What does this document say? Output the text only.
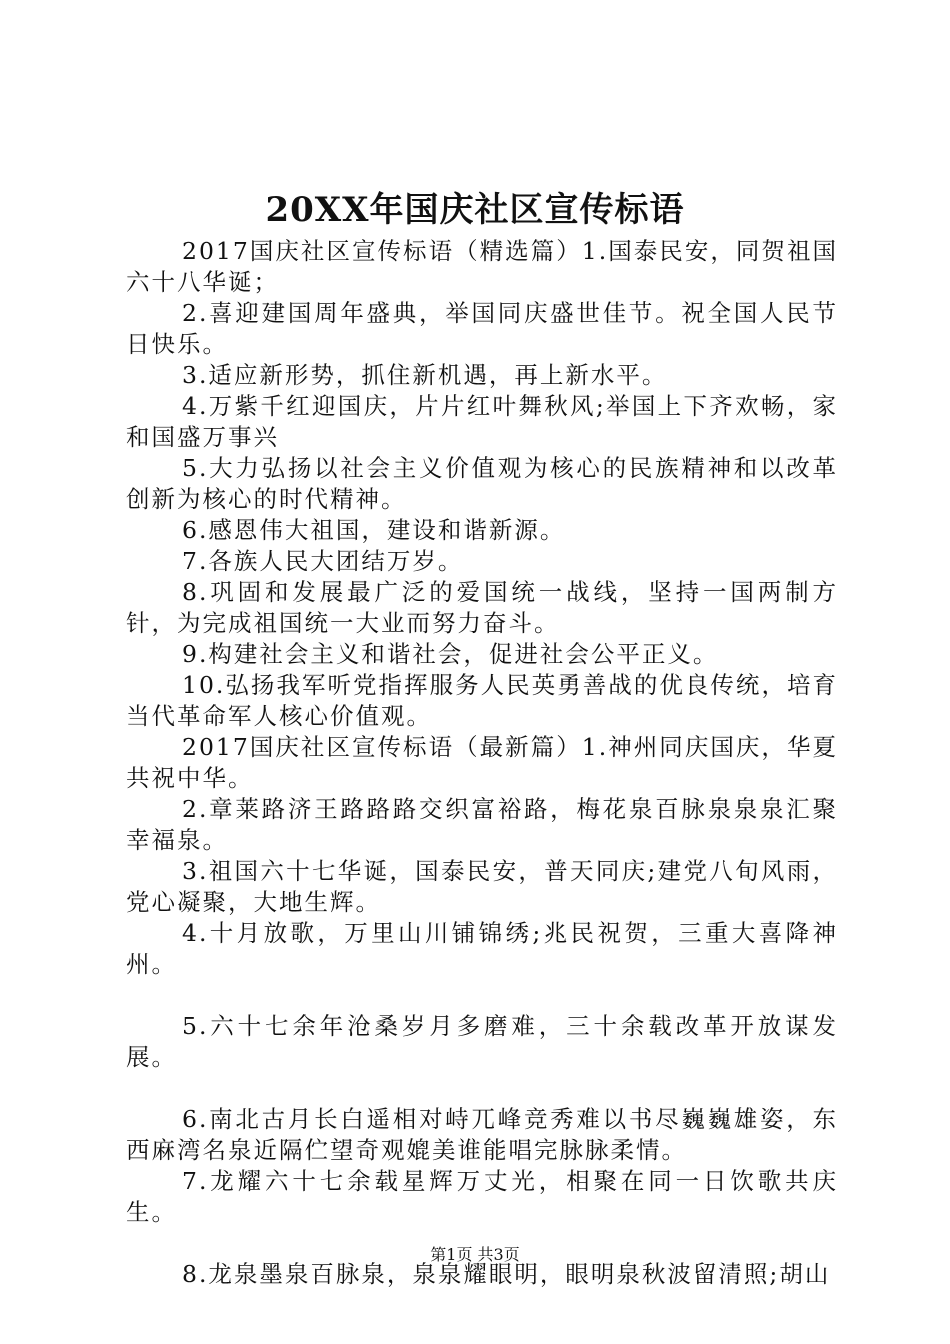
20XX年国庆社区宣传标语

2017国庆社区宣传标语（精选篇）1.国泰民安，同贺祖国六十八华诞；

2.喜迎建国周年盛典，举国同庆盛世佳节。祝全国人民节日快乐。

3.适应新形势，抓住新机遇，再上新水平。

4.万紫千红迎国庆，片片红叶舞秋风;举国上下齐欢畅，家和国盛万事兴

5.大力弘扬以社会主义价值观为核心的民族精神和以改革创新为核心的时代精神。

6.感恩伟大祖国，建设和谐新源。

7.各族人民大团结万岁。

8.巩固和发展最广泛的爱国统一战线，坚持一国两制方针，为完成祖国统一大业而努力奋斗。

9.构建社会主义和谐社会，促进社会公平正义。

10.弘扬我军听党指挥服务人民英勇善战的优良传统，培育当代革命军人核心价值观。

2017国庆社区宣传标语（最新篇）1.神州同庆国庆，华夏共祝中华。

2.章莱路济王路路路交织富裕路，梅花泉百脉泉泉泉汇聚幸福泉。

3.祖国六十七华诞，国泰民安，普天同庆;建党八旬风雨，党心凝聚，大地生辉。

4.十月放歌，万里山川铺锦绣;兆民祝贺，三重大喜降神州。

5.六十七余年沧桑岁月多磨难，三十余载改革开放谋发展。

6.南北古月长白遥相对峙兀峰竞秀难以书尽巍巍雄姿，东西麻湾名泉近隔伫望奇观媲美谁能唱完脉脉柔情。

7.龙耀六十七余载星辉万丈光，相聚在同一日饮歌共庆生。

8.龙泉墨泉百脉泉，泉泉耀眼明，眼明泉秋波留清照;胡山

第1页 共3页
